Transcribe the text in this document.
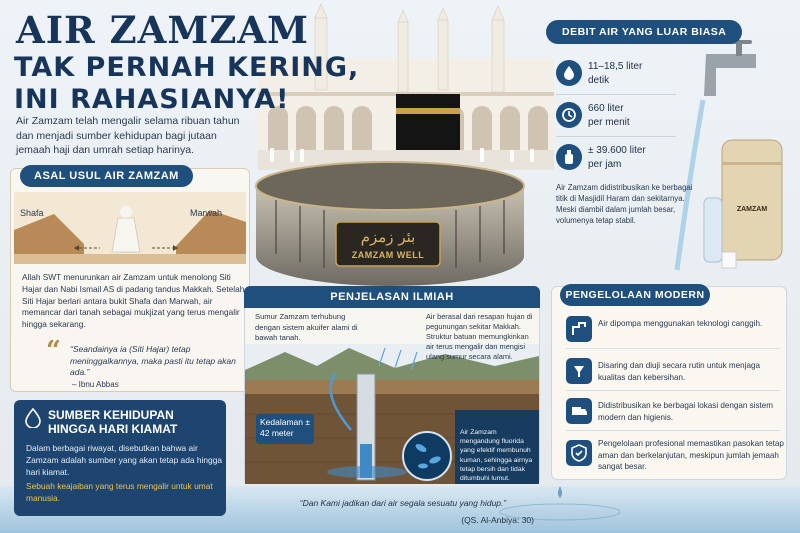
AIR ZAMZAM
TAK PERNAH KERING,
INI RAHASIANYA!
Air Zamzam telah mengalir selama ribuan tahun dan menjadi sumber kehidupan bagi jutaan jemaah haji dan umrah setiap harinya.
ASAL USUL AIR ZAMZAM
Shafa	Marwah
Allah SWT menurunkan air Zamzam untuk menolong Siti Hajar dan Nabi Ismail AS di padang tandus Makkah. Setelah Siti Hajar berlari antara bukit Shafa dan Marwah, air memancar dari tanah sebagai mukjizat yang terus mengalir hingga sekarang.
“ “Seandainya ia (Siti Hajar) tetap meninggalkannya, maka pasti itu tetap akan ada.”
– Ibnu Abbas
SUMBER KEHIDUPAN
HINGGA HARI KIAMAT
Dalam berbagai riwayat, disebutkan bahwa air Zamzam adalah sumber yang akan tetap ada hingga hari kiamat.
Sebuah keajaiban yang terus mengalir untuk umat manusia.
DEBIT AIR YANG LUAR BIASA
11–18,5 liter
detik
660 liter
per menit
± 39.600 liter
per jam
Air Zamzam didistribusikan ke berbagai titik di Masjidil Haram dan sekitarnya. Meski diambil dalam jumlah besar, volumenya tetap stabil.
بئر زمزم
ZAMZAM WELL
ZAMZAM
PENJELASAN ILMIAH
Sumur Zamzam terhubung dengan sistem akuifer alami di bawah tanah.
Air berasal dari resapan hujan di pegunungan sekitar Makkah. Struktur batuan memungkinkan air terus mengalir dan mengisi ulang sumur secara alami.
Kedalaman ± 42 meter	Air Zamzam mengandung fluorida yang efektif membunuh kuman, sehingga airnya tetap bersih dan tidak ditumbuhi lumut.
PENGELOLAAN MODERN
Air dipompa menggunakan teknologi canggih.
Disaring dan diuji secara rutin untuk menjaga kualitas dan kebersihan.
Didistribusikan ke berbagai lokasi dengan sistem modern dan higienis.
Pengelolaan profesional memastikan pasokan tetap aman dan berkelanjutan, meskipun jumlah jemaah sangat besar.
“Dan Kami jadikan dari air segala sesuatu yang hidup.”
(QS. Al-Anbiya: 30)
